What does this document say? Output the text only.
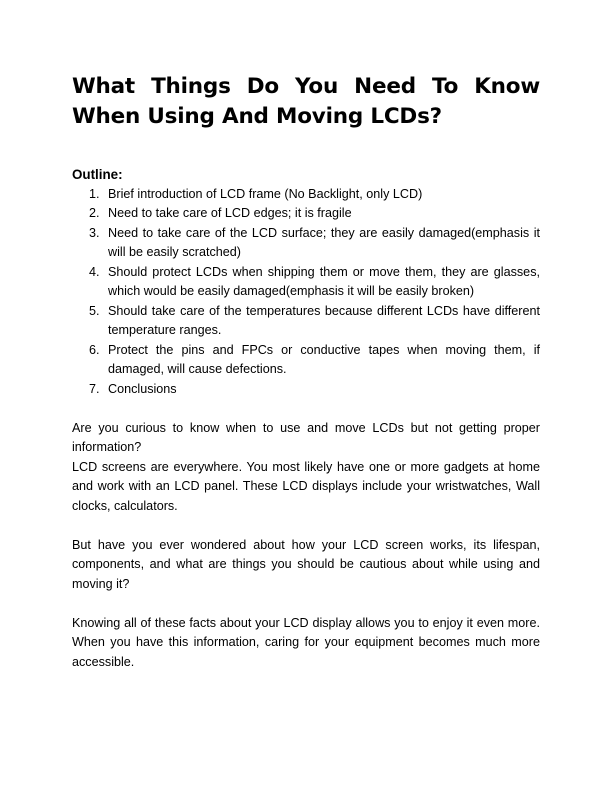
What Things Do You Need To Know When Using And Moving LCDs?
Outline:
1. Brief introduction of LCD frame (No Backlight, only LCD)
2. Need to take care of LCD edges; it is fragile
3. Need to take care of the LCD surface; they are easily damaged(emphasis it will be easily scratched)
4. Should protect LCDs when shipping them or move them, they are glasses, which would be easily damaged(emphasis it will be easily broken)
5. Should take care of the temperatures because different LCDs have different temperature ranges.
6. Protect the pins and FPCs or conductive tapes when moving them, if damaged, will cause defections.
7. Conclusions

Are you curious to know when to use and move LCDs but not getting proper information?

LCD screens are everywhere. You most likely have one or more gadgets at home and work with an LCD panel. These LCD displays include your wristwatches, Wall clocks, calculators.

But have you ever wondered about how your LCD screen works, its lifespan, components, and what are things you should be cautious about while using and moving it?

Knowing all of these facts about your LCD display allows you to enjoy it even more. When you have this information, caring for your equipment becomes much more accessible.
